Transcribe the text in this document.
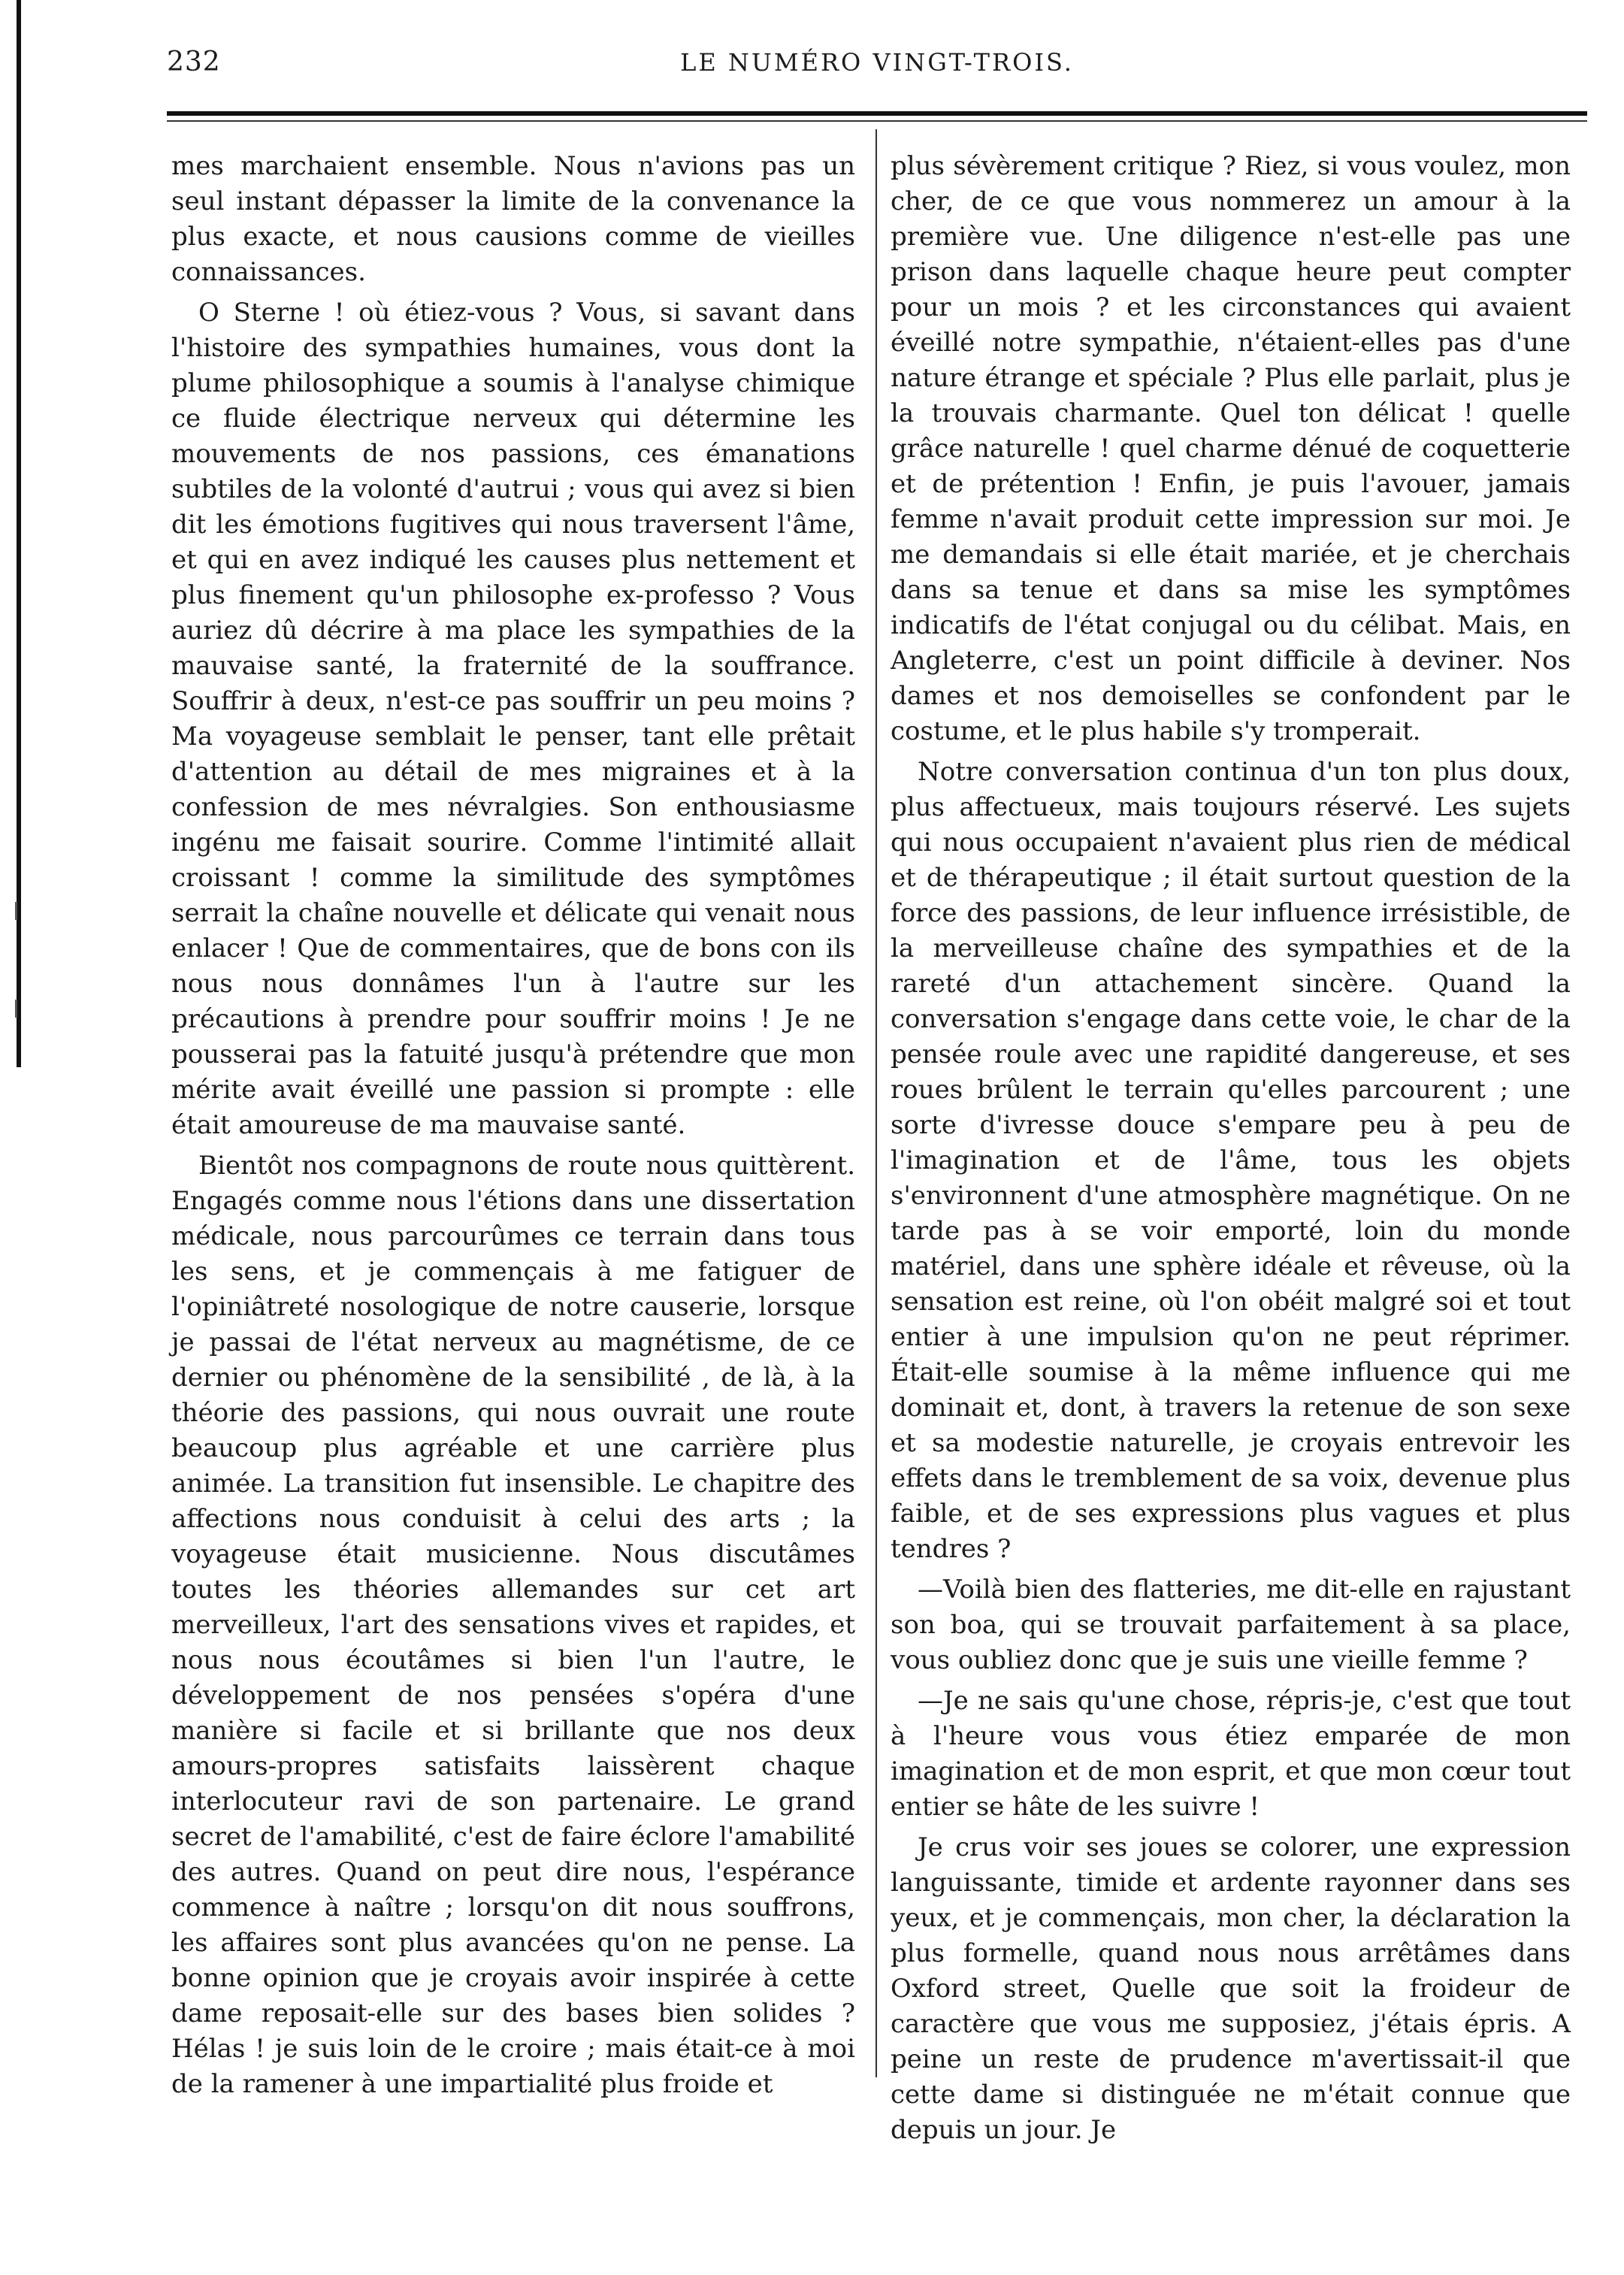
232	LE NUMÉRO VINGT-TROIS.

mes marchaient ensemble. Nous n'avions pas un seul instant dépasser la limite de la convenance la plus exacte, et nous causions comme de vieilles connaissances.

O Sterne ! où étiez-vous ? Vous, si savant dans l'histoire des sympathies humaines, vous dont la plume philosophique a soumis à l'analyse chimique ce fluide électrique nerveux qui détermine les mouvements de nos passions, ces émanations subtiles de la volonté d'autrui ; vous qui avez si bien dit les émotions fugitives qui nous traversent l'âme, et qui en avez indiqué les causes plus nettement et plus finement qu'un philosophe ex-professo ? Vous auriez dû décrire à ma place les sympathies de la mauvaise santé, la fraternité de la souffrance. Souffrir à deux, n'est-ce pas souffrir un peu moins ? Ma voyageuse semblait le penser, tant elle prêtait d'attention au détail de mes migraines et à la confession de mes névralgies. Son enthousiasme ingénu me faisait sourire. Comme l'intimité allait croissant ! comme la similitude des symptômes serrait la chaîne nouvelle et délicate qui venait nous enlacer ! Que de commentaires, que de bons con ils nous nous donnâmes l'un à l'autre sur les précautions à prendre pour souffrir moins ! Je ne pousserai pas la fatuité jusqu'à prétendre que mon mérite avait éveillé une passion si prompte : elle était amoureuse de ma mauvaise santé.

Bientôt nos compagnons de route nous quittèrent. Engagés comme nous l'étions dans une dissertation médicale, nous parcourûmes ce terrain dans tous les sens, et je commençais à me fatiguer de l'opiniâtreté nosologique de notre causerie, lorsque je passai de l'état nerveux au magnétisme, de ce dernier ou phénomène de la sensibilité , de là, à la théorie des passions, qui nous ouvrait une route beaucoup plus agréable et une carrière plus animée. La transition fut insensible. Le chapitre des affections nous conduisit à celui des arts ; la voyageuse était musicienne. Nous discutâmes toutes les théories allemandes sur cet art merveilleux, l'art des sensations vives et rapides, et nous nous écoutâmes si bien l'un l'autre, le développement de nos pensées s'opéra d'une manière si facile et si brillante que nos deux amours-propres satisfaits laissèrent chaque interlocuteur ravi de son partenaire. Le grand secret de l'amabilité, c'est de faire éclore l'amabilité des autres. Quand on peut dire nous, l'espérance commence à naître ; lorsqu'on dit nous souffrons, les affaires sont plus avancées qu'on ne pense. La bonne opinion que je croyais avoir inspirée à cette dame reposait-elle sur des bases bien solides ? Hélas ! je suis loin de le croire ; mais était-ce à moi de la ramener à une impartialité plus froide et

plus sévèrement critique ? Riez, si vous voulez, mon cher, de ce que vous nommerez un amour à la première vue. Une diligence n'est-elle pas une prison dans laquelle chaque heure peut compter pour un mois ? et les circonstances qui avaient éveillé notre sympathie, n'étaient-elles pas d'une nature étrange et spéciale ? Plus elle parlait, plus je la trouvais charmante. Quel ton délicat ! quelle grâce naturelle ! quel charme dénué de coquetterie et de prétention ! Enfin, je puis l'avouer, jamais femme n'avait produit cette impression sur moi. Je me demandais si elle était mariée, et je cherchais dans sa tenue et dans sa mise les symptômes indicatifs de l'état conjugal ou du célibat. Mais, en Angleterre, c'est un point difficile à deviner. Nos dames et nos demoiselles se confondent par le costume, et le plus habile s'y tromperait.

Notre conversation continua d'un ton plus doux, plus affectueux, mais toujours réservé. Les sujets qui nous occupaient n'avaient plus rien de médical et de thérapeutique ; il était surtout question de la force des passions, de leur influence irrésistible, de la merveilleuse chaîne des sympathies et de la rareté d'un attachement sincère. Quand la conversation s'engage dans cette voie, le char de la pensée roule avec une rapidité dangereuse, et ses roues brûlent le terrain qu'elles parcourent ; une sorte d'ivresse douce s'empare peu à peu de l'imagination et de l'âme, tous les objets s'environnent d'une atmosphère magnétique. On ne tarde pas à se voir emporté, loin du monde matériel, dans une sphère idéale et rêveuse, où la sensation est reine, où l'on obéit malgré soi et tout entier à une impulsion qu'on ne peut réprimer. Était-elle soumise à la même influence qui me dominait et, dont, à travers la retenue de son sexe et sa modestie naturelle, je croyais entrevoir les effets dans le tremblement de sa voix, devenue plus faible, et de ses expressions plus vagues et plus tendres ?

—Voilà bien des flatteries, me dit-elle en rajustant son boa, qui se trouvait parfaitement à sa place, vous oubliez donc que je suis une vieille femme ?

—Je ne sais qu'une chose, répris-je, c'est que tout à l'heure vous vous étiez emparée de mon imagination et de mon esprit, et que mon cœur tout entier se hâte de les suivre !

Je crus voir ses joues se colorer, une expression languissante, timide et ardente rayonner dans ses yeux, et je commençais, mon cher, la déclaration la plus formelle, quand nous nous arrêtâmes dans Oxford street, Quelle que soit la froideur de caractère que vous me supposiez, j'étais épris. A peine un reste de prudence m'avertissait-il que cette dame si distinguée ne m'était connue que depuis un jour. Je
